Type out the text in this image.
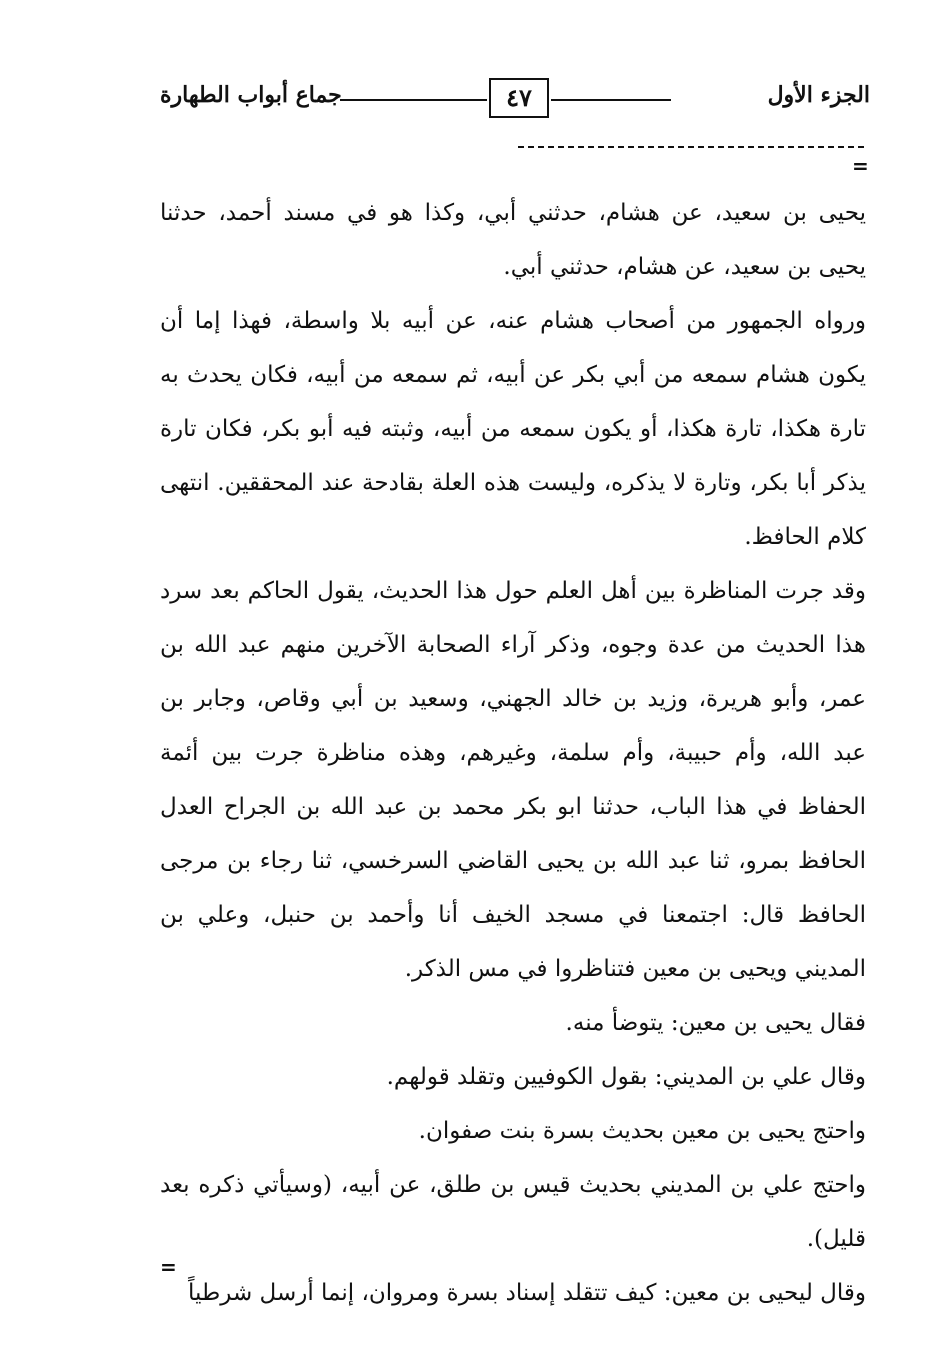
الجزء الأول
٤٧
جماع أبواب الطهارة
=

يحيى بن سعيد، عن هشام، حدثني أبي، وكذا هو في مسند أحمد، حدثنا يحيى بن سعيد، عن هشام، حدثني أبي.

ورواه الجمهور من أصحاب هشام عنه، عن أبيه بلا واسطة، فهذا إما أن يكون هشام سمعه من أبي بكر عن أبيه، ثم سمعه من أبيه، فكان يحدث به تارة هكذا، تارة هكذا، أو يكون سمعه من أبيه، وثبته فيه أبو بكر، فكان تارة يذكر أبا بكر، وتارة لا يذكره، وليست هذه العلة بقادحة عند المحققين. انتهى كلام الحافظ.

وقد جرت المناظرة بين أهل العلم حول هذا الحديث، يقول الحاكم بعد سرد هذا الحديث من عدة وجوه، وذكر آراء الصحابة الآخرين منهم عبد الله بن عمر، وأبو هريرة، وزيد بن خالد الجهني، وسعيد بن أبي وقاص، وجابر بن عبد الله، وأم حبيبة، وأم سلمة، وغيرهم، وهذه مناظرة جرت بين أئمة الحفاظ في هذا الباب، حدثنا ابو بكر محمد بن عبد الله بن الجراح العدل الحافظ بمرو، ثنا عبد الله بن يحيى القاضي السرخسي، ثنا رجاء بن مرجى الحافظ قال: اجتمعنا في مسجد الخيف أنا وأحمد بن حنبل، وعلي بن المديني ويحيى بن معين فتناظروا في مس الذكر.

فقال يحيى بن معين: يتوضأ منه.

وقال علي بن المديني: بقول الكوفيين وتقلد قولهم.

واحتج يحيى بن معين بحديث بسرة بنت صفوان.

واحتج علي بن المديني بحديث قيس بن طلق، عن أبيه، (وسيأتي ذكره بعد قليل).

وقال ليحيى بن معين: كيف تتقلد إسناد بسرة ومروان، إنما أرسل شرطياً

=
